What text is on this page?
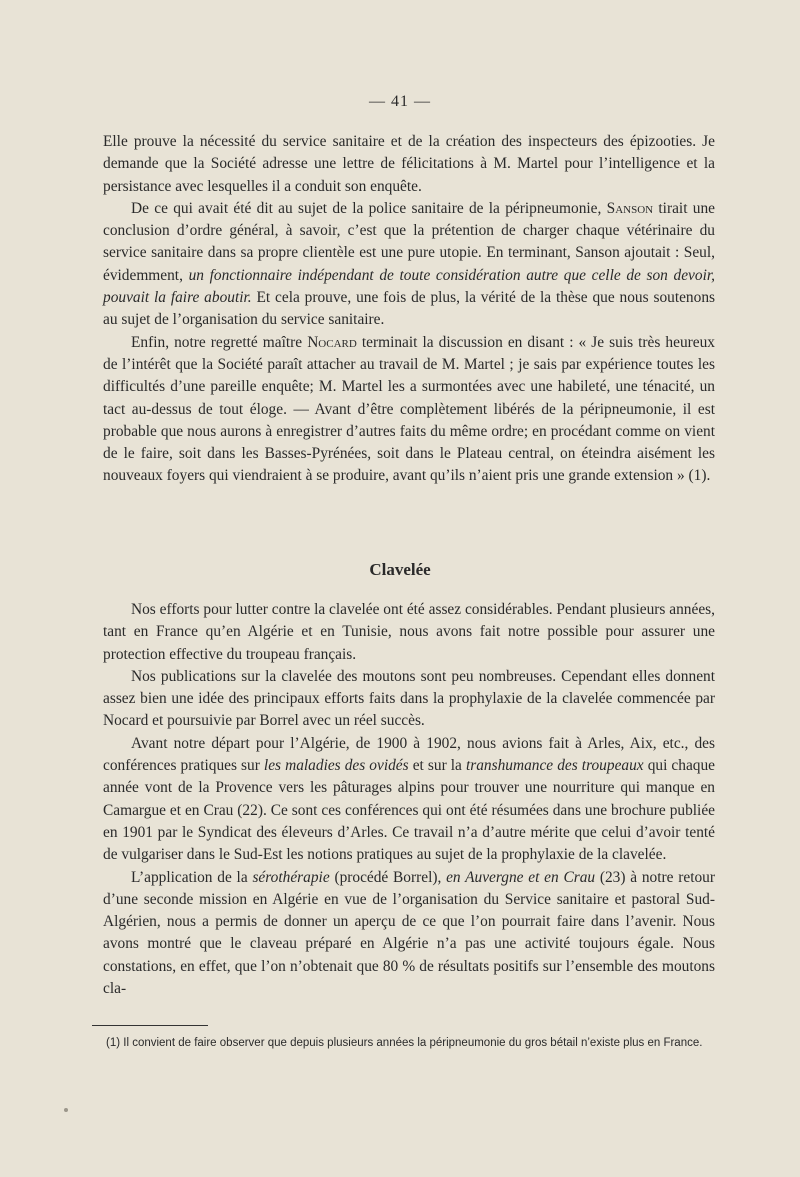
— 41 —

Elle prouve la nécessité du service sanitaire et de la création des inspecteurs des épizooties. Je demande que la Société adresse une lettre de félicitations à M. Martel pour l’intelligence et la persistance avec lesquelles il a conduit son enquête.

De ce qui avait été dit au sujet de la police sanitaire de la péripneumonie, Sanson tirait une conclusion d’ordre général, à savoir, c’est que la prétention de charger chaque vétérinaire du service sanitaire dans sa propre clientèle est une pure utopie. En terminant, Sanson ajoutait : Seul, évidemment, un fonctionnaire indépendant de toute considération autre que celle de son devoir, pouvait la faire aboutir. Et cela prouve, une fois de plus, la vérité de la thèse que nous soutenons au sujet de l’organisation du service sanitaire.

Enfin, notre regretté maître Nocard terminait la discussion en disant : « Je suis très heureux de l’intérêt que la Société paraît attacher au travail de M. Martel ; je sais par expérience toutes les difficultés d’une pareille enquête; M. Martel les a surmontées avec une habileté, une ténacité, un tact au-dessus de tout éloge. — Avant d’être complètement libérés de la péripneumonie, il est probable que nous aurons à enregistrer d’autres faits du même ordre; en procédant comme on vient de le faire, soit dans les Basses-Pyrénées, soit dans le Plateau central, on éteindra aisément les nouveaux foyers qui viendraient à se produire, avant qu’ils n’aient pris une grande extension » (1).

Clavelée

Nos efforts pour lutter contre la clavelée ont été assez considérables. Pendant plusieurs années, tant en France qu’en Algérie et en Tunisie, nous avons fait notre possible pour assurer une protection effective du troupeau français.

Nos publications sur la clavelée des moutons sont peu nombreuses. Cependant elles donnent assez bien une idée des principaux efforts faits dans la prophylaxie de la clavelée commencée par Nocard et poursuivie par Borrel avec un réel succès.

Avant notre départ pour l’Algérie, de 1900 à 1902, nous avions fait à Arles, Aix, etc., des conférences pratiques sur les maladies des ovidés et sur la transhumance des troupeaux qui chaque année vont de la Provence vers les pâturages alpins pour trouver une nourriture qui manque en Camargue et en Crau (22). Ce sont ces conférences qui ont été résumées dans une brochure publiée en 1901 par le Syndicat des éleveurs d’Arles. Ce travail n’a d’autre mérite que celui d’avoir tenté de vulgariser dans le Sud-Est les notions pratiques au sujet de la prophylaxie de la clavelée.

L’application de la sérothérapie (procédé Borrel), en Auvergne et en Crau (23) à notre retour d’une seconde mission en Algérie en vue de l’organisation du Service sanitaire et pastoral Sud-Algérien, nous a permis de donner un aperçu de ce que l’on pourrait faire dans l’avenir. Nous avons montré que le claveau préparé en Algérie n’a pas une activité toujours égale. Nous constations, en effet, que l’on n’obtenait que 80 % de résultats positifs sur l’ensemble des moutons cla-

(1) Il convient de faire observer que depuis plusieurs années la péripneumonie du gros bétail n’existe plus en France.
